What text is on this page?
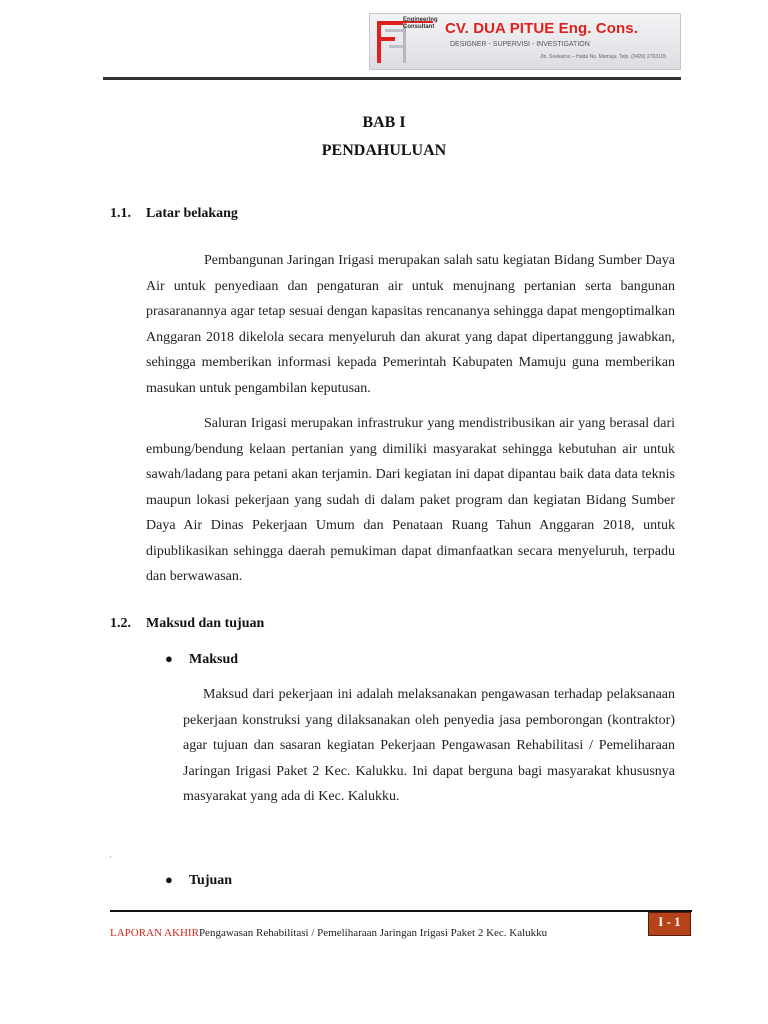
Engineering Consultant CV. DUA PITUE Eng. Cons.
DESIGNER - SUPERVISI - INVESTIGATION
Jln. Soekarno – Hatta No. Mamuju. Telp. (0426) 2703115
BAB I
PENDAHULUAN
1.1. Latar belakang
Pembangunan Jaringan Irigasi merupakan salah satu kegiatan Bidang Sumber Daya Air untuk penyediaan dan pengaturan air untuk menujnang pertanian serta bangunan prasaranannya agar tetap sesuai dengan kapasitas rencananya sehingga dapat mengoptimalkan Anggaran 2018 dikelola secara menyeluruh dan akurat yang dapat dipertanggung jawabkan, sehingga memberikan informasi kepada Pemerintah Kabupaten Mamuju guna memberikan masukan untuk pengambilan keputusan.
Saluran Irigasi merupakan infrastrukur yang mendistribusikan air yang berasal dari embung/bendung kelaan pertanian yang dimiliki masyarakat sehingga kebutuhan air untuk sawah/ladang para petani akan terjamin. Dari kegiatan ini dapat dipantau baik data data teknis maupun lokasi pekerjaan yang sudah di dalam paket program dan kegiatan Bidang Sumber Daya Air Dinas Pekerjaan Umum dan Penataan Ruang Tahun Anggaran 2018, untuk dipublikasikan sehingga daerah pemukiman dapat dimanfaatkan secara menyeluruh, terpadu dan berwawasan.
1.2. Maksud dan tujuan
● Maksud
Maksud dari pekerjaan ini adalah melaksanakan pengawasan terhadap pelaksanaan pekerjaan konstruksi yang dilaksanakan oleh penyedia jasa pemborongan (kontraktor) agar tujuan dan sasaran kegiatan Pekerjaan Pengawasan Rehabilitasi / Pemeliharaan Jaringan Irigasi Paket 2 Kec. Kalukku. Ini dapat berguna bagi masyarakat khususnya masyarakat yang ada di Kec. Kalukku.
'
● Tujuan
I - 1
LAPORAN AKHIRPengawasan Rehabilitasi / Pemeliharaan Jaringan Irigasi Paket 2 Kec. Kalukku
